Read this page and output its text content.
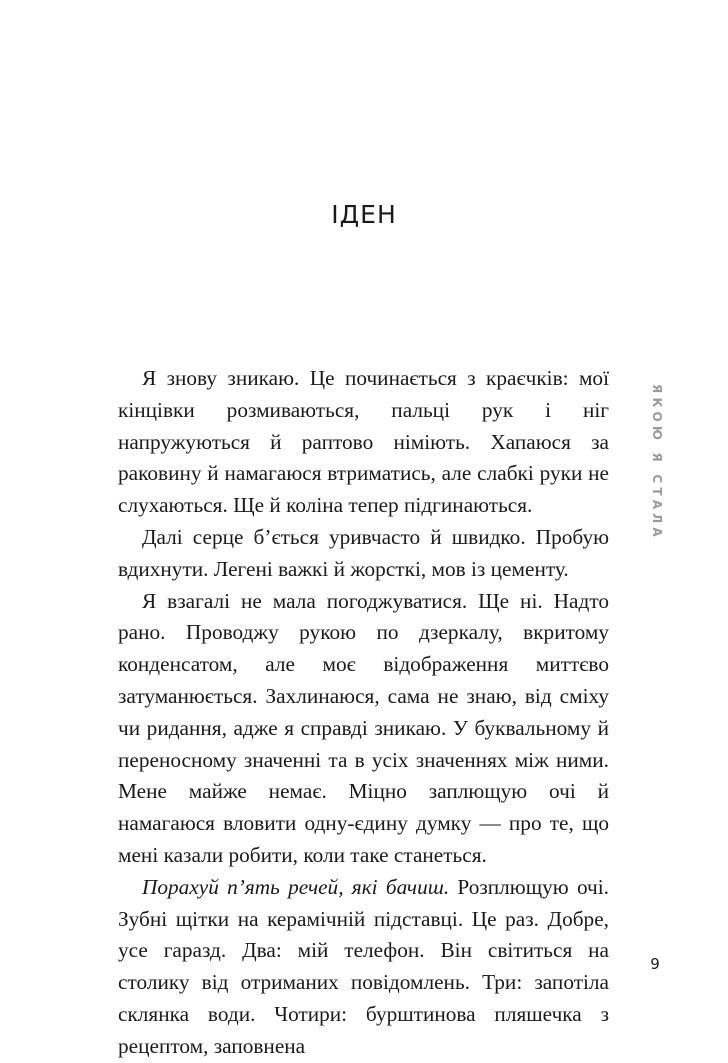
ІДЕН
ЯКОЮ Я СТАЛА

Я знову зникаю. Це починається з краєчків: мої кінцівки розмиваються, пальці рук і ніг напружуються й раптово німіють. Хапаюся за раковину й намагаюся втриматись, але слабкі руки не слухаються. Ще й коліна тепер підгинаються.

Далі серце б’ється уривчасто й швидко. Пробую вдихнути. Легені важкі й жорсткі, мов із цементу.

Я взагалі не мала погоджуватися. Ще ні. Надто рано. Проводжу рукою по дзеркалу, вкритому конденсатом, але моє відображення миттєво затуманюється. Захлинаюся, сама не знаю, від сміху чи ридання, адже я справді зникаю. У буквальному й переносному значенні та в усіх значеннях між ними. Мене майже немає. Міцно заплющую очі й намагаюся вловити одну-єдину думку — про те, що мені казали робити, коли таке станеться.

Порахуй п’ять речей, які бачиш. Розплющую очі. Зубні щітки на керамічній підставці. Це раз. Добре, усе гаразд. Два: мій телефон. Він світиться на столику від отриманих повідомлень. Три: запотіла склянка води. Чотири: бурштинова пляшечка з рецептом, заповнена

9
